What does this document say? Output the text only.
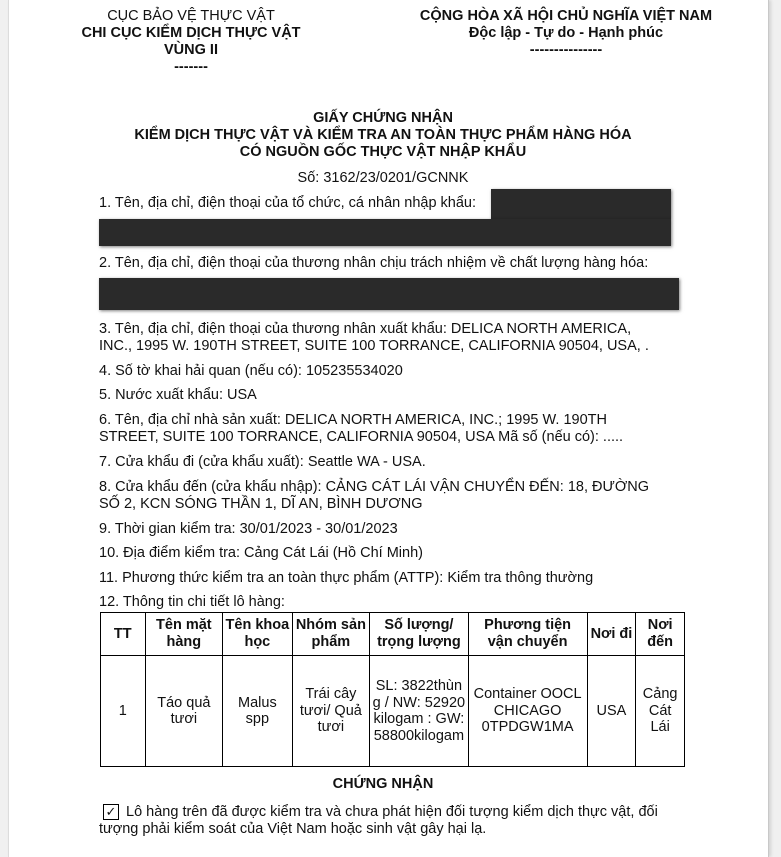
CỤC BẢO VỆ THỰC VẬT
CHI CỤC KIỂM DỊCH THỰC VẬT
VÙNG II
-------
CỘNG HÒA XÃ HỘI CHỦ NGHĨA VIỆT NAM
Độc lập - Tự do - Hạnh phúc
---------------
GIẤY CHỨNG NHẬN
KIỂM DỊCH THỰC VẬT VÀ KIỂM TRA AN TOÀN THỰC PHẨM HÀNG HÓA
CÓ NGUỒN GỐC THỰC VẬT NHẬP KHẨU
Số: 3162/23/0201/GCNNK
1. Tên, địa chỉ, điện thoại của tổ chức, cá nhân nhập khẩu:
2. Tên, địa chỉ, điện thoại của thương nhân chịu trách nhiệm về chất lượng hàng hóa:
3. Tên, địa chỉ, điện thoại của thương nhân xuất khẩu: DELICA NORTH AMERICA,
INC., 1995 W. 190TH STREET, SUITE 100 TORRANCE, CALIFORNIA 90504, USA, .
4. Số tờ khai hải quan (nếu có): 105235534020
5. Nước xuất khẩu: USA
6. Tên, địa chỉ nhà sản xuất: DELICA NORTH AMERICA, INC.; 1995 W. 190TH
STREET, SUITE 100 TORRANCE, CALIFORNIA 90504, USA Mã số (nếu có): .....
7. Cửa khẩu đi (cửa khẩu xuất): Seattle WA - USA.
8. Cửa khẩu đến (cửa khẩu nhập): CẢNG CÁT LÁI VẬN CHUYỂN ĐẾN: 18, ĐƯỜNG
SỐ 2, KCN SÓNG THẦN 1, DĨ AN, BÌNH DƯƠNG
9. Thời gian kiểm tra: 30/01/2023 - 30/01/2023
10. Địa điểm kiểm tra: Cảng Cát Lái (Hồ Chí Minh)
11. Phương thức kiểm tra an toàn thực phẩm (ATTP): Kiểm tra thông thường
12. Thông tin chi tiết lô hàng:
TT	Tên mặt hàng	Tên khoa học	Nhóm sản phẩm	Số lượng/ trọng lượng	Phương tiện vận chuyển	Nơi đi	Nơi đến
1	Táo quả tươi	Malus spp	Trái cây tươi/ Quả tươi	SL: 3822thùng / NW: 52920kilogam : GW: 58800kilogam	Container OOCL CHICAGO 0TPDGW1MA	USA	Cảng Cát Lái
CHỨNG NHẬN
✓ Lô hàng trên đã được kiểm tra và chưa phát hiện đối tượng kiểm dịch thực vật, đối
tượng phải kiểm soát của Việt Nam hoặc sinh vật gây hại lạ.
